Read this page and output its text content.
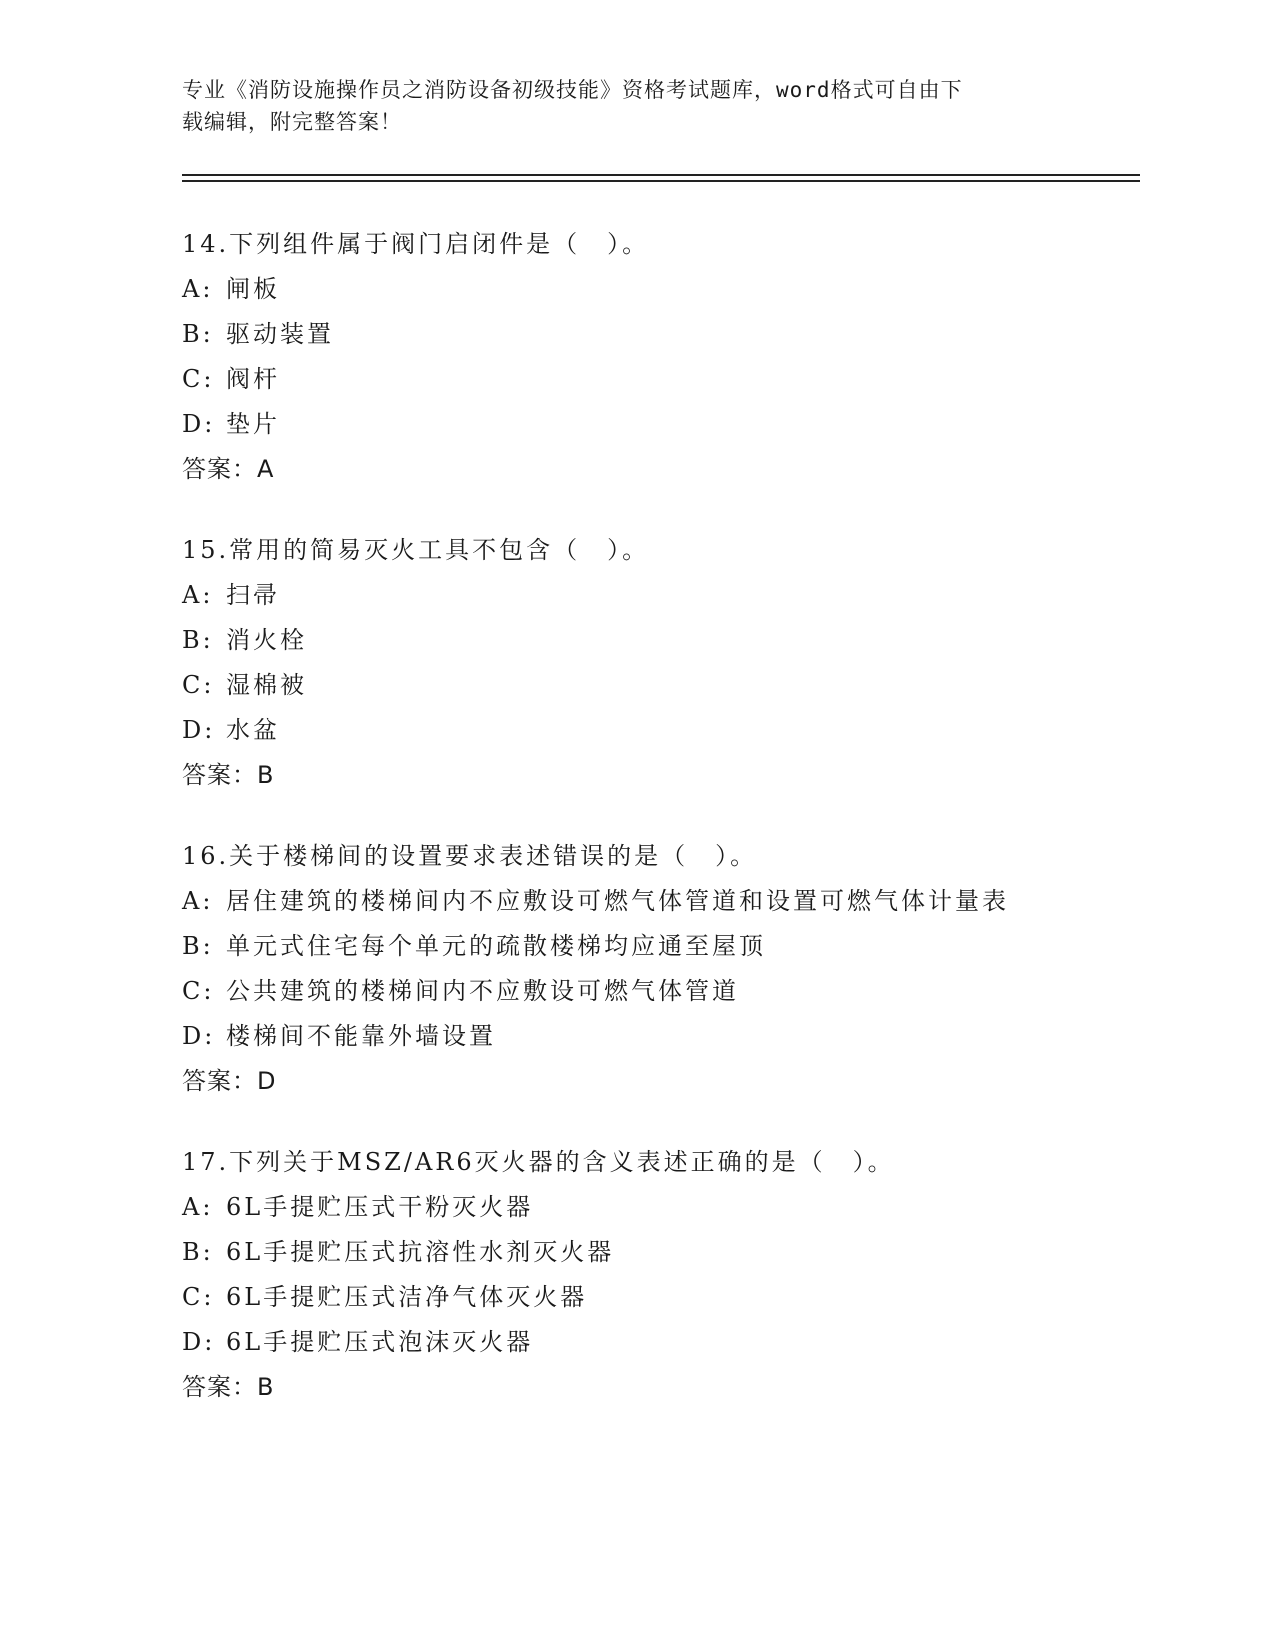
专业《消防设施操作员之消防设备初级技能》资格考试题库，word格式可自由下
载编辑，附完整答案！
14.下列组件属于阀门启闭件是（　）。
A: 闸板
B: 驱动装置
C: 阀杆
D: 垫片
答案：A
15.常用的简易灭火工具不包含（　）。
A: 扫帚
B: 消火栓
C: 湿棉被
D: 水盆
答案：B
16.关于楼梯间的设置要求表述错误的是（　）。
A: 居住建筑的楼梯间内不应敷设可燃气体管道和设置可燃气体计量表
B: 单元式住宅每个单元的疏散楼梯均应通至屋顶
C: 公共建筑的楼梯间内不应敷设可燃气体管道
D: 楼梯间不能靠外墙设置
答案：D
17.下列关于MSZ/AR6灭火器的含义表述正确的是（　）。
A: 6L手提贮压式干粉灭火器
B: 6L手提贮压式抗溶性水剂灭火器
C: 6L手提贮压式洁净气体灭火器
D: 6L手提贮压式泡沫灭火器
答案：B
